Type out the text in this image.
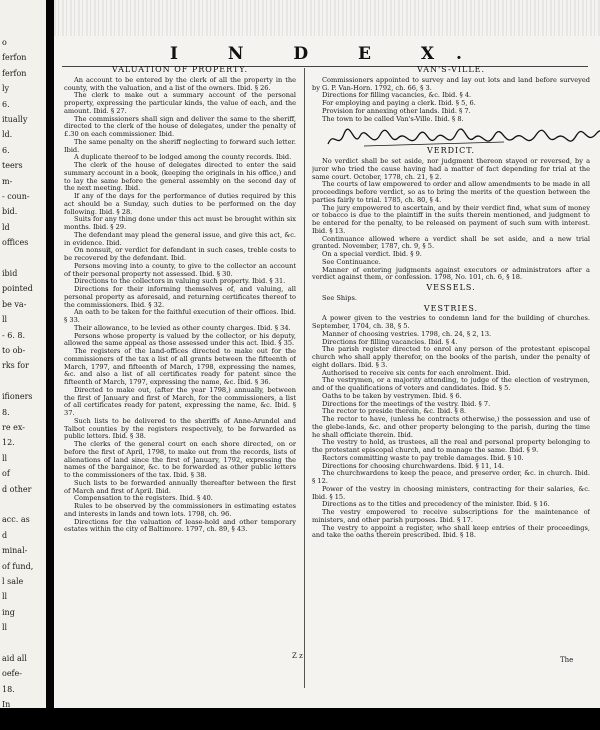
o
ferfon
ferfon
ly
6.
itually
ld.
6.
teers
m-
- coun-
bid.
ld
offices
ibid
pointed
be va-
ll
- 6. 8.
to ob-
rks for
ifioners
8.
re ex-
12.
ll
of
d other
acc. as
d
minal-
of fund,
l sale
ll
ing
ll
aid all
oefe-
18.
In
I N D E X.
VALUATION OF PROPERTY.

An account to be entered by the clerk of all the property in the county, with the valuation, and a list of the owners. Ibid. § 26.

The clerk to make out a summary account of the personal property, expressing the particular kinds, the value of each, and the amount. Ibid. § 27.

The commissioners shall sign and deliver the same to the sheriff, directed to the clerk of the house of delegates, under the penalty of £.30 on each commissioner. Ibid.

The same penalty on the sheriff neglecting to forward such letter. Ibid.

A duplicate thereof to be lodged among the county records. Ibid.

The clerk of the house of delegates directed to enter the said summary account in a book, (keeping the originals in his office,) and to lay the same before the general assembly on the second day of the next meeting. Ibid.

If any of the days for the performance of duties required by this act should be a Sunday, such duties to be performed on the day following. Ibid. § 28.

Suits for any thing done under this act must be brought within six months. Ibid. § 29.

The defendant may plead the general issue, and give this act, &c. in evidence. Ibid.

On nonsuit, or verdict for defendant in such cases, treble costs to be recovered by the defendant. Ibid.

Persons moving into a county, to give to the collector an account of their personal property not assessed. Ibid. § 30.

Directions to the collectors in valuing such property. Ibid. § 31.

Directions for their informing themselves of, and valuing, all personal property as aforesaid, and returning certificates thereof to the commissioners. Ibid. § 32.

An oath to be taken for the faithful execution of their offices. Ibid. § 33.

Their allowance, to be levied as other county charges. Ibid. § 34.

Persons whose property is valued by the collector, or his deputy, allowed the same appeal as those assessed under this act. Ibid. § 35.

The registers of the land-offices directed to make out for the commissioners of the tax a list of all grants between the fifteenth of March, 1797, and fifteenth of March, 1798, expressing the names, &c. and also a list of all certificates ready for patent since the fifteenth of March, 1797, expressing the name, &c. Ibid. § 36.

Directed to make out, (after the year 1798,) annually, between the first of January and first of March, for the commissioners, a list of all certificates ready for patent, expressing the name, &c. Ibid. § 37.

Such lists to be delivered to the sheriffs of Anne-Arundel and Talbot counties by the registers respectively, to be forwarded as public letters. Ibid. § 38.

The clerks of the general court on each shore directed, on or before the first of April, 1798, to make out from the records, lists of alienations of land since the first of January, 1792, expressing the names of the bargainor, &c. to be forwarded as other public letters to the commissioners of the tax. Ibid. § 38.

Such lists to be forwarded annually thereafter between the first of March and first of April. Ibid.

Compensation to the registers. Ibid. § 40.

Rules to be observed by the commissioners in estimating estates and interests in lands and town lots. 1798, ch. 96.

Directions for the valuation of lease-hold and other temporary estates within the city of Baltimore. 1797, ch. 89, § 43.

VAN'S-VILLE.

Commissioners appointed to survey and lay out lots and land before surveyed by G. P. Van-Horn. 1792, ch. 66, § 3.

Directions for filling vacancies, &c. Ibid. § 4.

For employing and paying a clerk. Ibid. § 5, 6.

Provision for annexing other lands. Ibid. § 7.

The town to be called Van's-Ville. Ibid. § 8.

VERDICT.

No verdict shall be set aside, nor judgment thereon stayed or reversed, by a juror who tried the cause having had a matter of fact depending for trial at the same court. October, 1778, ch. 21, § 2.

The courts of law empowered to order and allow amendments to be made in all proceedings before verdict, so as to bring the merits of the question between the parties fairly to trial. 1785, ch. 80, § 4.

The jury empowered to ascertain, and by their verdict find, what sum of money or tobacco is due to the plaintiff in the suits therein mentioned, and judgment to be entered for the penalty, to be released on payment of such sum with interest. Ibid. § 13.

Continuance allowed where a verdict shall be set aside, and a new trial granted. November, 1787, ch. 9, § 5.

On a special verdict. Ibid. § 9.

See Continuance.

Manner of entering judgments against executors or administrators after a verdict against them, or confession. 1798, No. 101, ch. 6, § 18.

VESSELS.

See Ships.

VESTRIES.

A power given to the vestries to condemn land for the building of churches. September, 1704, ch. 38, § 5.

Manner of choosing vestries. 1798, ch. 24, § 2, 13.

Directions for filling vacancies. Ibid. § 4.

The parish register directed to enrol any person of the protestant episcopal church who shall apply therefor, on the books of the parish, under the penalty of eight dollars. Ibid. § 3.

Authorised to receive six cents for each enrolment. Ibid.

The vestrymen, or a majority attending, to judge of the election of vestrymen, and of the qualifications of voters and candidates. Ibid. § 5.

Oaths to be taken by vestrymen. Ibid. § 6.

Directions for the meetings of the vestry. Ibid. § 7.

The rector to preside therein, &c. Ibid. § 8.

The rector to have, (unless he contracts otherwise,) the possession and use of the glebe-lands, &c. and other property belonging to the parish, during the time he shall officiate therein. Ibid.

The vestry to hold, as trustees, all the real and personal property belonging to the protestant episcopal church, and to manage the same. Ibid. § 9.

Rectors committing waste to pay treble damages. Ibid. § 10.

Directions for choosing churchwardens. Ibid. § 11, 14.

The churchwardens to keep the peace, and preserve order, &c. in church. Ibid. § 12.

Power of the vestry in choosing ministers, contracting for their salaries, &c. Ibid. § 15.

Directions as to the titles and precedency of the minister. Ibid. § 16.

The vestry empowered to receive subscriptions for the maintenance of ministers, and other parish purposes. Ibid. § 17.

The vestry to appoint a register, who shall keep entries of their proceedings, and take the oaths therein prescribed. Ibid. § 18.

Z z	The
